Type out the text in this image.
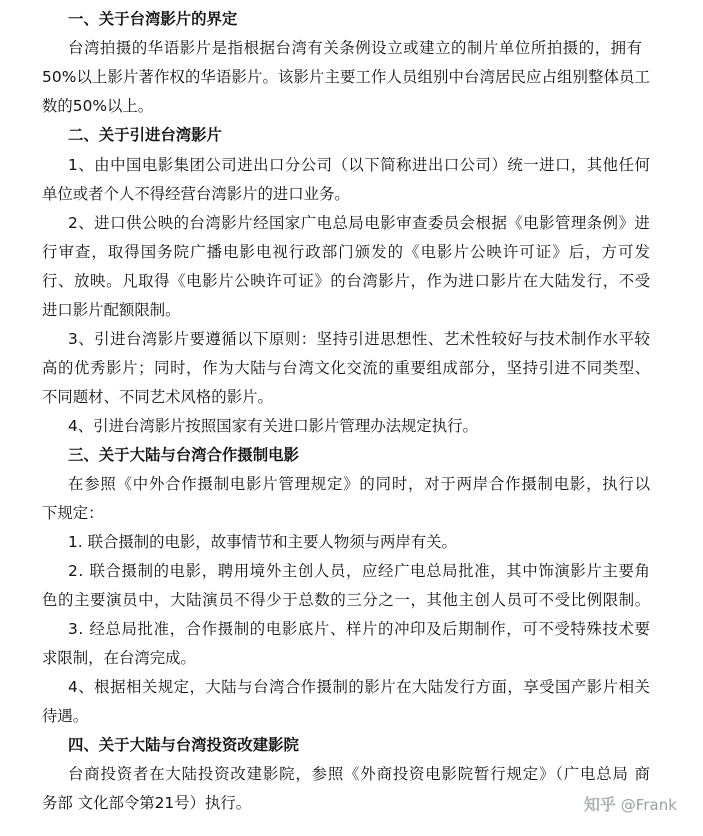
一、关于台湾影片的界定
台湾拍摄的华语影片是指根据台湾有关条例设立或建立的制片单位所拍摄的，拥有
50%以上影片著作权的华语影片。该影片主要工作人员组别中台湾居民应占组别整体员工
数的50%以上。
二、关于引进台湾影片
1、由中国电影集团公司进出口分公司（以下简称进出口公司）统一进口，其他任何
单位或者个人不得经营台湾影片的进口业务。
2、进口供公映的台湾影片经国家广电总局电影审查委员会根据《电影管理条例》进
行审查，取得国务院广播电影电视行政部门颁发的《电影片公映许可证》后，方可发
行、放映。凡取得《电影片公映许可证》的台湾影片，作为进口影片在大陆发行，不受
进口影片配额限制。
3、引进台湾影片要遵循以下原则：坚持引进思想性、艺术性较好与技术制作水平较
高的优秀影片；同时，作为大陆与台湾文化交流的重要组成部分，坚持引进不同类型、
不同题材、不同艺术风格的影片。
4、引进台湾影片按照国家有关进口影片管理办法规定执行。
三、关于大陆与台湾合作摄制电影
在参照《中外合作摄制电影片管理规定》的同时，对于两岸合作摄制电影，执行以
下规定：
1. 联合摄制的电影，故事情节和主要人物须与两岸有关。
2. 联合摄制的电影，聘用境外主创人员，应经广电总局批准，其中饰演影片主要角
色的主要演员中，大陆演员不得少于总数的三分之一，其他主创人员可不受比例限制。
3. 经总局批准，合作摄制的电影底片、样片的冲印及后期制作，可不受特殊技术要
求限制，在台湾完成。
4、根据相关规定，大陆与台湾合作摄制的影片在大陆发行方面，享受国产影片相关
待遇。
四、关于大陆与台湾投资改建影院
台商投资者在大陆投资改建影院，参照《外商投资电影院暂行规定》（广电总局 商
务部 文化部令第21号）执行。	知乎 @Frank
